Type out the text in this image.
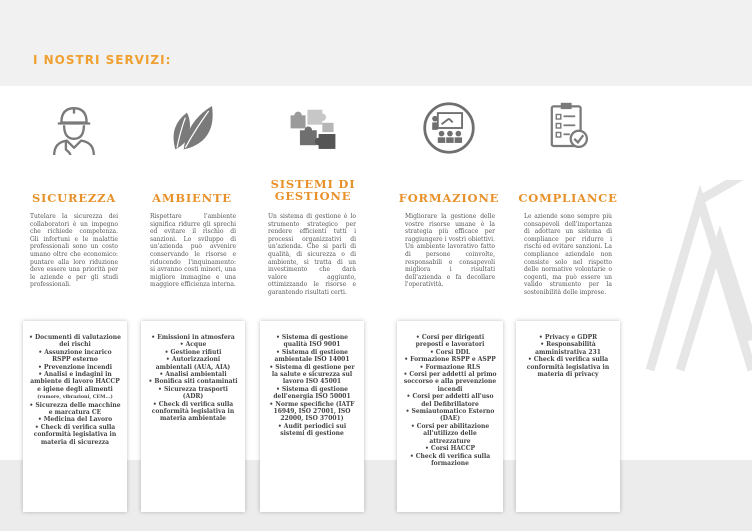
I NOSTRI SERVIZI:
SICUREZZA
Tutelare la sicurezza dei collaboratori è un impegno che richiede competenza. Gli infortuni e le malattie professionali sono un costo umano oltre che economico: puntare alla loro riduzione deve essere una priorità per le aziende e per gli studi professionali.
• Documenti di valutazione dei rischi
• Assunzione incarico RSPP esterno
• Prevenzione incendi
• Analisi e indagini in ambiente di lavoro HACCP e igiene degli alimenti
(rumore, vibrazioni, CEM...)
• Sicurezza delle macchine e marcatura CE
• Medicina del Lavoro
• Check di verifica sulla conformità legislativa in materia di sicurezza
AMBIENTE
Rispettare l'ambiente significa ridurre gli sprechi ed evitare il rischio di sanzioni. Lo sviluppo di un'azienda può avvenire conservando le risorse e riducendo l'inquinamento: si avranno costi minori, una migliore immagine e una maggiore efficienza interna.
• Emissioni in atmosfera
• Acque
• Gestione rifiuti
• Autorizzazioni ambientali (AUA, AIA)
• Analisi ambientali
• Bonifica siti contaminati
• Sicurezza trasporti (ADR)
• Check di verifica sulla conformità legislativa in materia ambientale
SISTEMI DI GESTIONE
Un sistema di gestione è lo strumento strategico per rendere efficienti tutti i processi organizzativi di un'azienda. Che si parli di qualità, di sicurezza o di ambiente, si tratta di un investimento che darà valore aggiunto, ottimizzando le risorse e garantendo risultati certi.
• Sistema di gestione qualità ISO 9001
• Sistema di gestione ambientale ISO 14001
• Sistema di gestione per la salute e sicurezza sul lavoro ISO 45001
• Sistema di gestione dell'energia ISO 50001
• Norme specifiche (IATF 16949, ISO 27001, ISO 22000, ISO 37001)
• Audit periodici sui sistemi di gestione
FORMAZIONE
Migliorare la gestione delle vostre risorse umane è la strategia più efficace per raggiungere i vostri obiettivi. Un ambiente lavorativo fatto di persone coinvolte, responsabili e consapevoli migliora i risultati dell'azienda e fa decollare l'operatività.
• Corsi per dirigenti preposti e lavoratori
• Corsi DDL
• Formazione RSPP e ASPP
• Formazione RLS
• Corsi per addetti al primo soccorso e alla prevenzione incendi
• Corsi per addetti all'uso del Defibrillatore
• Semiautomatico Esterno (DAE)
• Corsi per abilitazione all'utilizzo delle attrezzature
• Corsi HACCP
• Check di verifica sulla formazione
COMPLIANCE
Le aziende sono sempre più consapevoli dell'importanza di adottare un sistema di compliance per ridurre i rischi ed evitare sanzioni. La compliance aziendale non consiste solo nel rispetto delle normative volontarie o cogenti, ma può essere un valido strumento per la sostenibilità delle imprese.
• Privacy e GDPR
• Responsabilità amministrativa 231
• Check di verifica sulla conformità legislativa in materia di privacy
